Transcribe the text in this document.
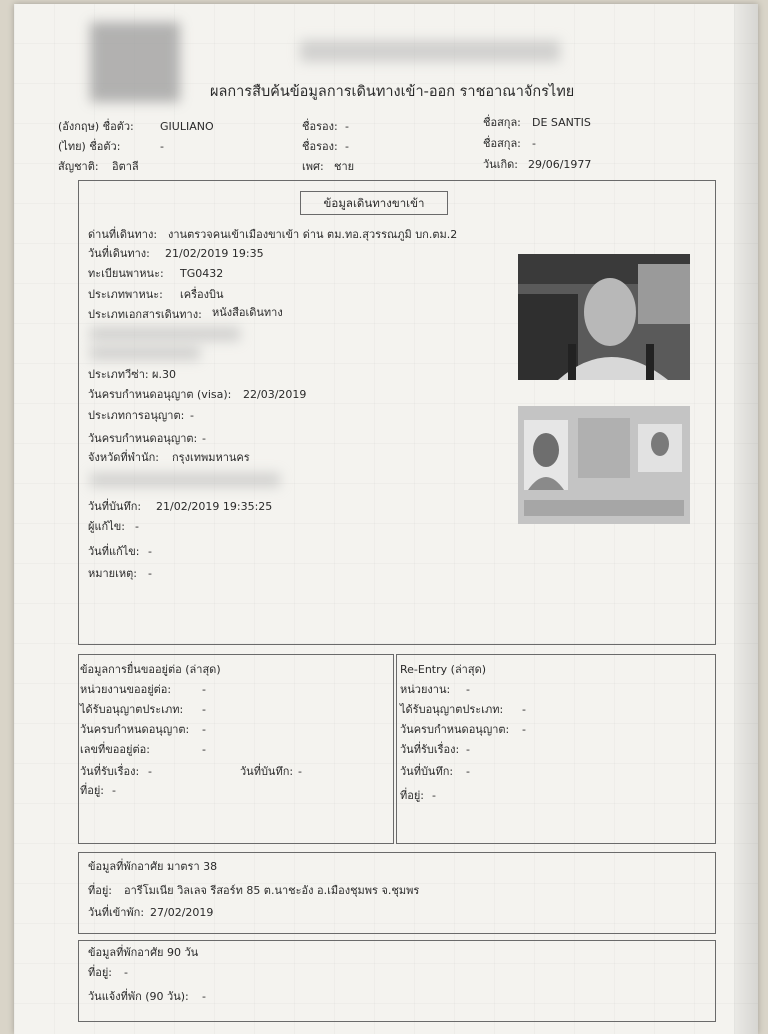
ผลการสืบค้นข้อมูลการเดินทางเข้า-ออก ราชอาณาจักรไทย
(อังกฤษ) ชื่อตัว: GIULIANO	ชื่อรอง: -	ชื่อสกุล: DE SANTIS
(ไทย) ชื่อตัว:	-	ชื่อรอง: -	ชื่อสกุล: -
สัญชาติ: อิตาลี	เพศ: ชาย	วันเกิด: 29/06/1977
ข้อมูลเดินทางขาเข้า
ด่านที่เดินทาง: งานตรวจคนเข้าเมืองขาเข้า ด่าน ตม.ทอ.สุวรรณภูมิ บก.ตม.2
วันที่เดินทาง: 21/02/2019 19:35
ทะเบียนพาหนะ: TG0432
ประเภทพาหนะ: เครื่องบิน
ประเภทเอกสารเดินทาง: หนังสือเดินทาง
ประเภทวีซ่า: ผ.30
วันครบกำหนดอนุญาต (visa): 22/03/2019
ประเภทการอนุญาต: -
วันครบกำหนดอนุญาต: -
จังหวัดที่พำนัก: กรุงเทพมหานคร
วันที่บันทึก: 21/02/2019 19:35:25
ผู้แก้ไข: -
วันที่แก้ไข: -
หมายเหตุ: -
ข้อมูลการยื่นขออยู่ต่อ (ล่าสุด)
หน่วยงานขออยู่ต่อ:	-
ได้รับอนุญาตประเภท: -
วันครบกำหนดอนุญาต: -
เลขที่ขออยู่ต่อ:	-
วันที่รับเรื่อง: -	วันที่บันทึก: -
ที่อยู่: -
Re-Entry (ล่าสุด)
หน่วยงาน: -
ได้รับอนุญาตประเภท: -
วันครบกำหนดอนุญาต: -
วันที่รับเรื่อง: -
วันที่บันทึก: -
ที่อยู่: -
ข้อมูลที่พักอาศัย มาตรา 38
ที่อยู่: อารีโมเนีย วิลเลจ รีสอร์ท 85 ต.นาชะอัง อ.เมืองชุมพร จ.ชุมพร
วันที่เข้าพัก: 27/02/2019
ข้อมูลที่พักอาศัย 90 วัน
ที่อยู่: -
วันแจ้งที่พัก (90 วัน): -
